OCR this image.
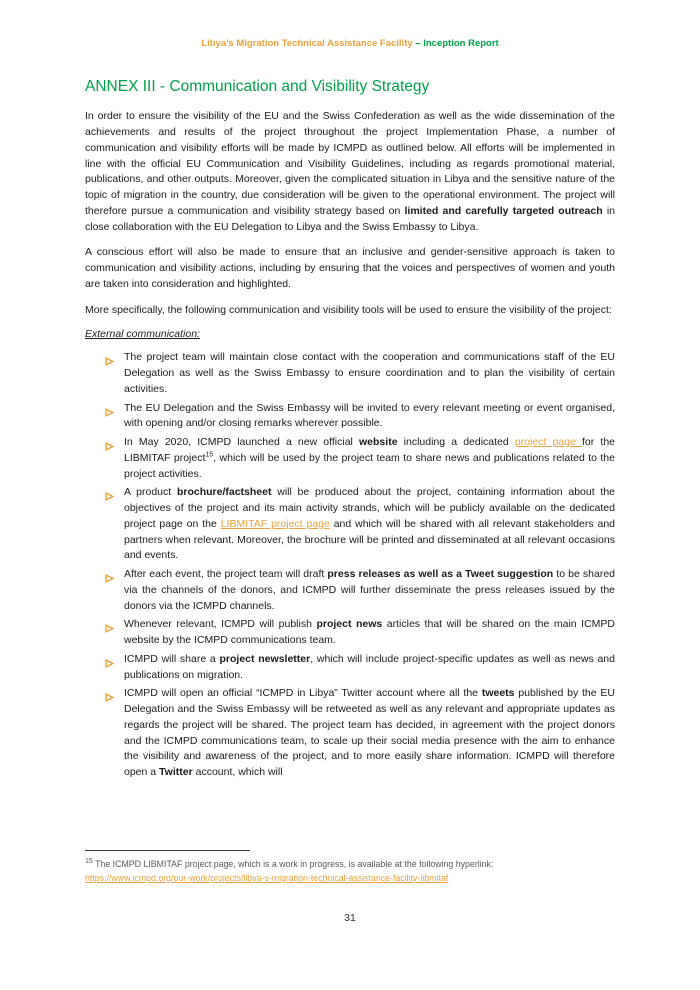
Libya’s Migration Technical Assistance Facility – Inception Report
ANNEX III - Communication and Visibility Strategy

In order to ensure the visibility of the EU and the Swiss Confederation as well as the wide dissemination of the achievements and results of the project throughout the project Implementation Phase, a number of communication and visibility efforts will be made by ICMPD as outlined below. All efforts will be implemented in line with the official EU Communication and Visibility Guidelines, including as regards promotional material, publications, and other outputs. Moreover, given the complicated situation in Libya and the sensitive nature of the topic of migration in the country, due consideration will be given to the operational environment. The project will therefore pursue a communication and visibility strategy based on limited and carefully targeted outreach in close collaboration with the EU Delegation to Libya and the Swiss Embassy to Libya.

A conscious effort will also be made to ensure that an inclusive and gender-sensitive approach is taken to communication and visibility actions, including by ensuring that the voices and perspectives of women and youth are taken into consideration and highlighted.

More specifically, the following communication and visibility tools will be used to ensure the visibility of the project:

External communication:
The project team will maintain close contact with the cooperation and communications staff of the EU Delegation as well as the Swiss Embassy to ensure coordination and to plan the visibility of certain activities.
The EU Delegation and the Swiss Embassy will be invited to every relevant meeting or event organised, with opening and/or closing remarks wherever possible.
In May 2020, ICMPD launched a new official website including a dedicated project page for the LIBMITAF project$^{15}$, which will be used by the project team to share news and publications related to the project activities.
A product brochure/factsheet will be produced about the project, containing information about the objectives of the project and its main activity strands, which will be publicly available on the dedicated project page on the LIBMITAF project page and which will be shared with all relevant stakeholders and partners when relevant. Moreover, the brochure will be printed and disseminated at all relevant occasions and events.
After each event, the project team will draft press releases as well as a Tweet suggestion to be shared via the channels of the donors, and ICMPD will further disseminate the press releases issued by the donors via the ICMPD channels.
Whenever relevant, ICMPD will publish project news articles that will be shared on the main ICMPD website by the ICMPD communications team.
ICMPD will share a project newsletter, which will include project-specific updates as well as news and publications on migration.
ICMPD will open an official “ICMPD in Libya” Twitter account where all the tweets published by the EU Delegation and the Swiss Embassy will be retweeted as well as any relevant and appropriate updates as regards the project will be shared. The project team has decided, in agreement with the project donors and the ICMPD communications team, to scale up their social media presence with the aim to enhance the visibility and awareness of the project, and to more easily share information. ICMPD will therefore open a Twitter account, which will
$^{15}$ The ICMPD LIBMITAF project page, which is a work in progress, is available at the following hyperlink:
https://www.icmpd.org/our-work/projects/libya-s-migration-technical-assistance-facility-libmitaf
31
